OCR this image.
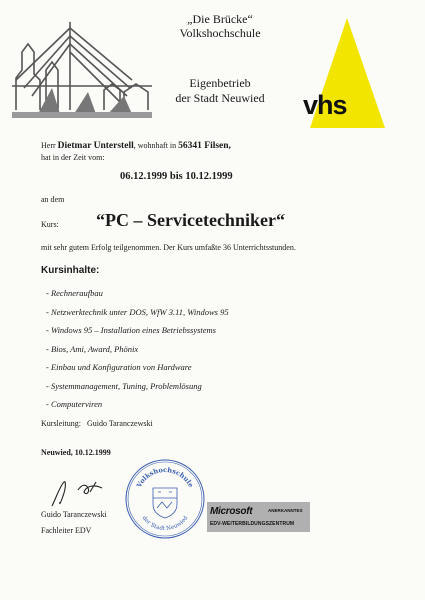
„Die Brücke“
Volkshochschule
Eigenbetrieb
der Stadt Neuwied	vhs
Herr Dietmar Unterstell, wohnhaft in 56341 Filsen,
hat in der Zeit vom:
06.12.1999 bis 10.12.1999
an dem
Kurs: “PC – Servicetechniker“
mit sehr gutem Erfolg teilgenommen. Der Kurs umfaßte 36 Unterrichtsstunden.
Kursinhalte:
- Rechneraufbau
- Netzwerktechnik unter DOS, WfW 3.11, Windows 95
- Windows 95 – Installation eines Betriebssystems
- Bios, Ami, Award, Phönix
- Einbau und Konfiguration von Hardware
- Systemmanagement, Tuning, Problemlösung
- Computerviren
Kursleitung: Guido Taranczewski
Neuwied, 10.12.1999
Guido Taranczewski
Fachleiter EDV
Volkshochschule
der Stadt Neuwied
Microsoft	ANERKANNTES
EDV-WEITERBILDUNGSZENTRUM
